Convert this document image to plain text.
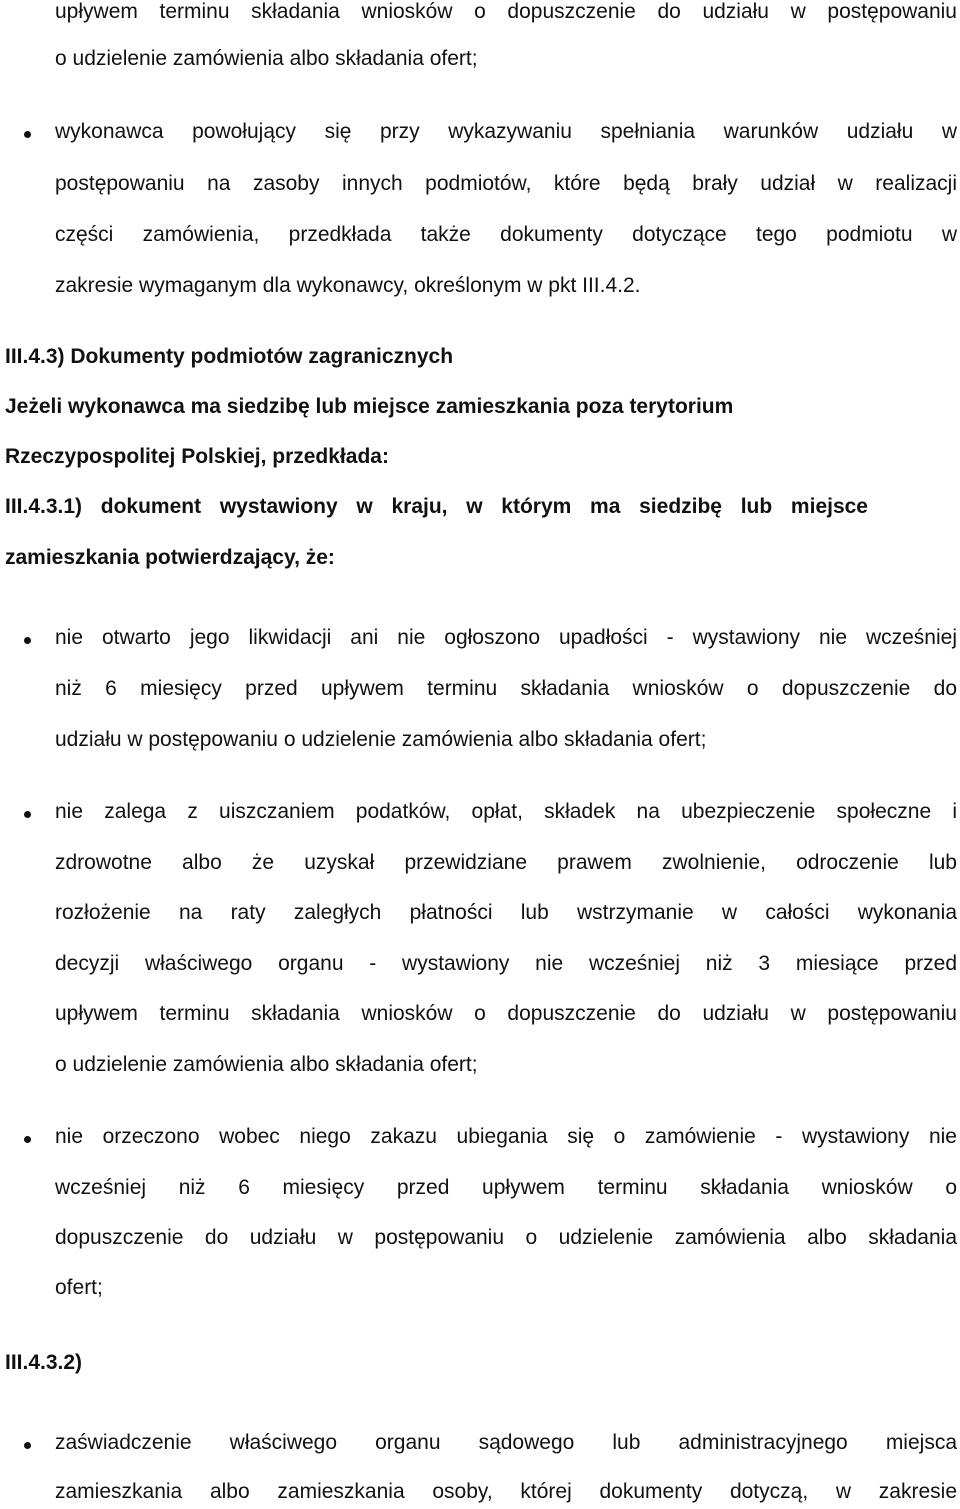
upływem terminu składania wniosków o dopuszczenie do udziału w postępowaniu

o udzielenie zamówienia albo składania ofert;

wykonawca powołujący się przy wykazywaniu spełniania warunków udziału w

postępowaniu na zasoby innych podmiotów, które będą brały udział w realizacji

części zamówienia, przedkłada także dokumenty dotyczące tego podmiotu w

zakresie wymaganym dla wykonawcy, określonym w pkt III.4.2.

III.4.3) Dokumenty podmiotów zagranicznych

Jeżeli wykonawca ma siedzibę lub miejsce zamieszkania poza terytorium

Rzeczypospolitej Polskiej, przedkłada:

III.4.3.1) dokument wystawiony w kraju, w którym ma siedzibę lub miejsce

zamieszkania potwierdzający, że:

nie otwarto jego likwidacji ani nie ogłoszono upadłości - wystawiony nie wcześniej

niż 6 miesięcy przed upływem terminu składania wniosków o dopuszczenie do

udziału w postępowaniu o udzielenie zamówienia albo składania ofert;

nie zalega z uiszczaniem podatków, opłat, składek na ubezpieczenie społeczne i

zdrowotne albo że uzyskał przewidziane prawem zwolnienie, odroczenie lub

rozłożenie na raty zaległych płatności lub wstrzymanie w całości wykonania

decyzji właściwego organu - wystawiony nie wcześniej niż 3 miesiące przed

upływem terminu składania wniosków o dopuszczenie do udziału w postępowaniu

o udzielenie zamówienia albo składania ofert;

nie orzeczono wobec niego zakazu ubiegania się o zamówienie - wystawiony nie

wcześniej niż 6 miesięcy przed upływem terminu składania wniosków o

dopuszczenie do udziału w postępowaniu o udzielenie zamówienia albo składania

ofert;

III.4.3.2)

zaświadczenie właściwego organu sądowego lub administracyjnego miejsca

zamieszkania albo zamieszkania osoby, której dokumenty dotyczą, w zakresie
